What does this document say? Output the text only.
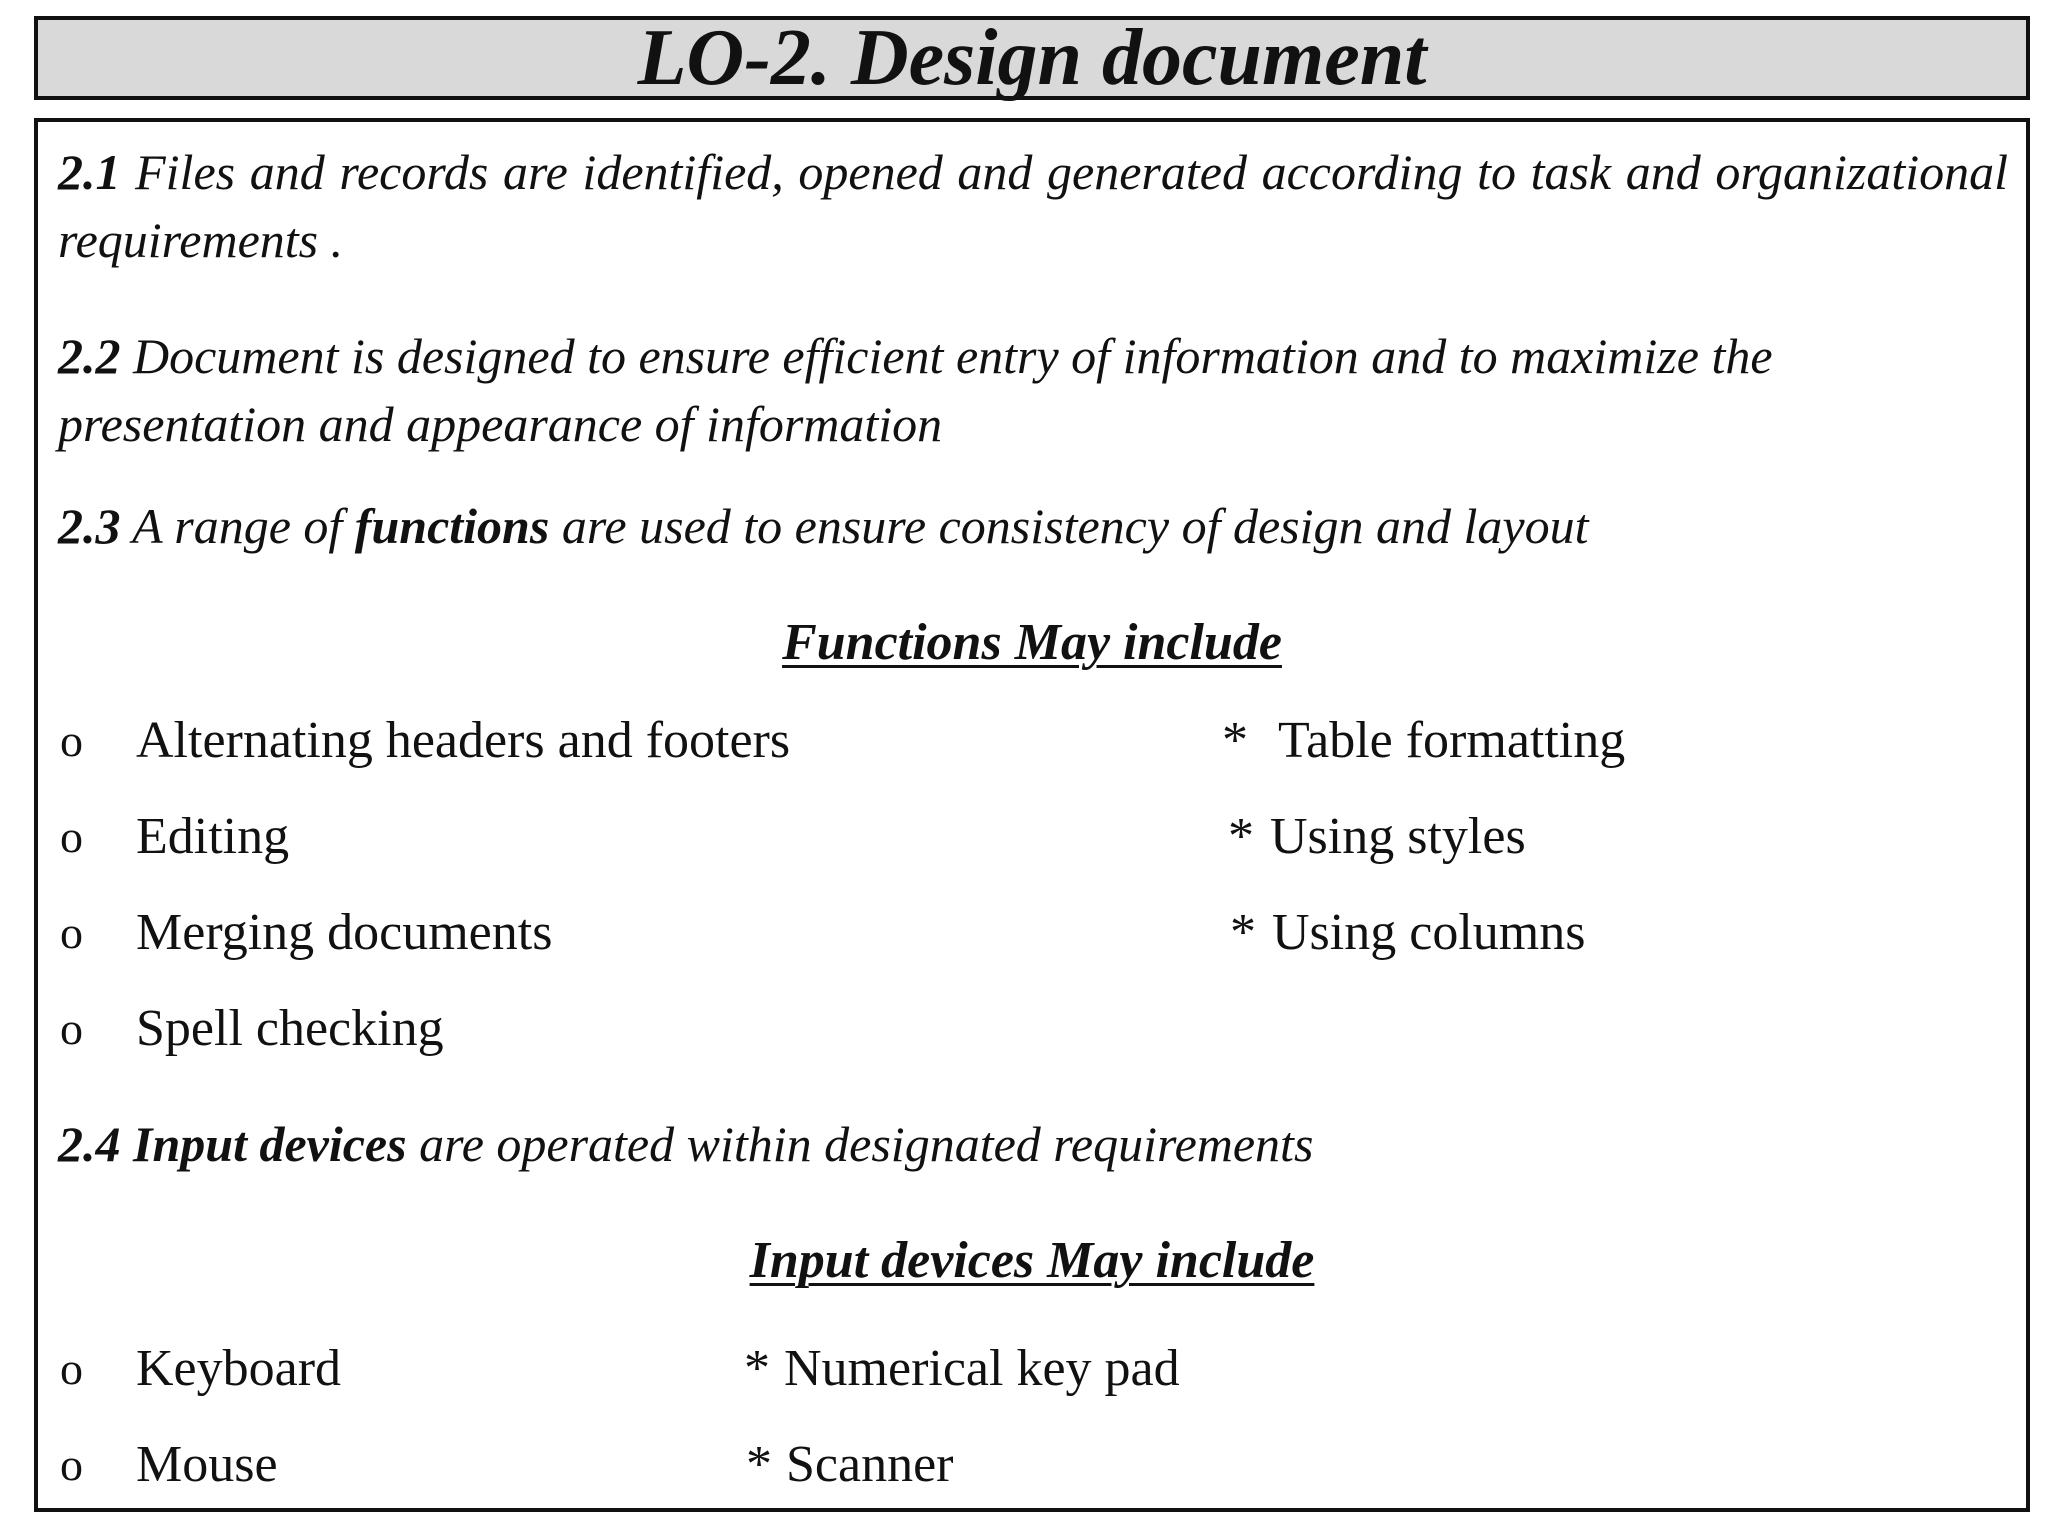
LO-2. Design document
2.1 Files and records are identified, opened and generated according to task and organizational requirements .
2.2 Document is designed to ensure efficient entry of information and to maximize the presentation and appearance of information
2.3 A range of functions are used to ensure consistency of design and layout
Functions May include
o Alternating headers and footers
o Editing
o Merging documents
o Spell checking
* Table formatting
* Using styles
* Using columns
2.4 Input devices are operated within designated requirements
Input devices May include
o Keyboard
o Mouse
* Numerical key pad
* Scanner
